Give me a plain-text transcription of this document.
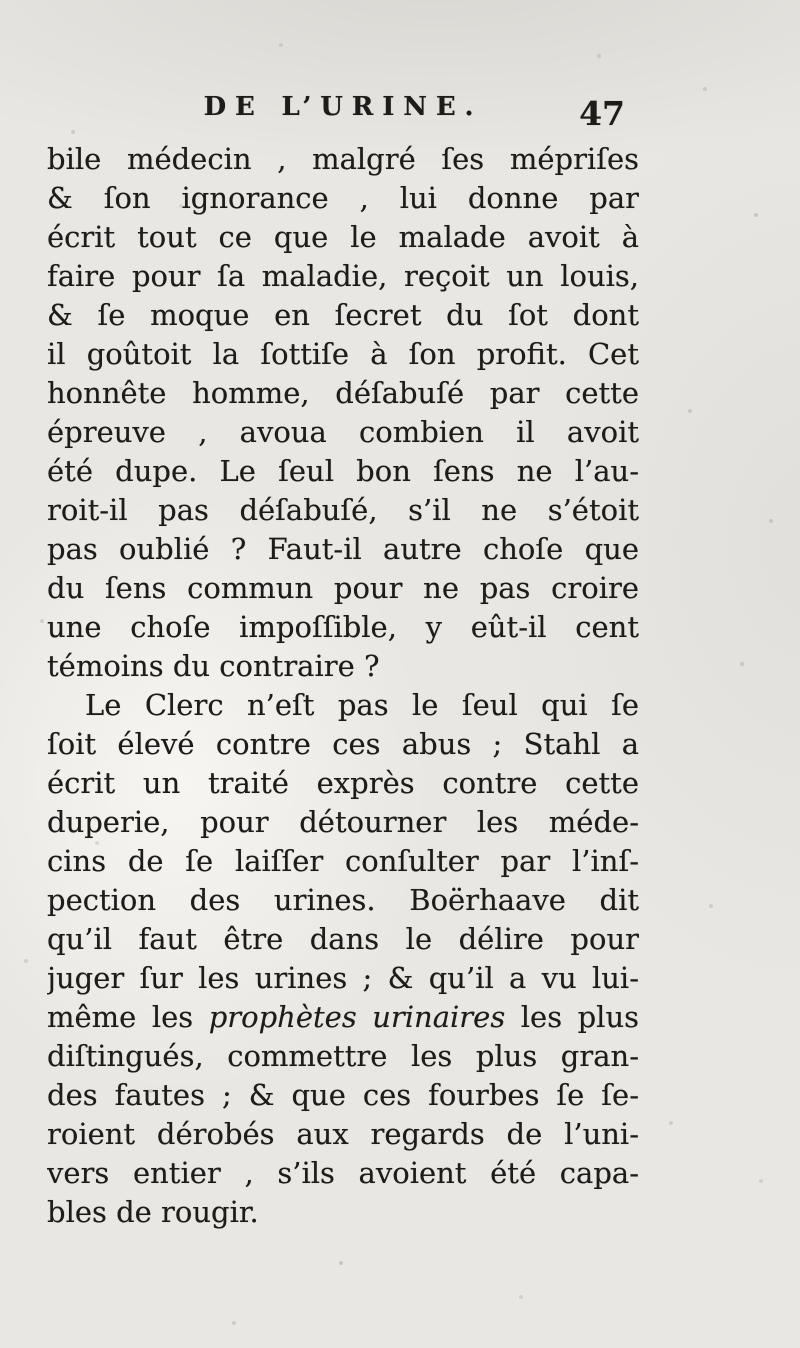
DE L’URINE.	47
bile médecin , malgré ſes mépriſes
& ſon ignorance , lui donne par
écrit tout ce que le malade avoit à
faire pour ſa maladie, reçoit un louis,
& ſe moque en ſecret du ſot dont
il goûtoit la ſottiſe à ſon profit. Cet
honnête homme, déſabuſé par cette
épreuve , avoua combien il avoit
été dupe. Le ſeul bon ſens ne l’au-
roit-il pas déſabuſé, s’il ne s’étoit
pas oublié ? Faut-il autre choſe que
du ſens commun pour ne pas croire
une choſe impoſſible, y eût-il cent
témoins du contraire ?
Le Clerc n’eſt pas le ſeul qui ſe
ſoit élevé contre ces abus ; Stahl a
écrit un traité exprès contre cette
duperie, pour détourner les méde-
cins de ſe laiſſer conſulter par l’inſ-
pection des urines. Boërhaave dit
qu’il faut être dans le délire pour
juger ſur les urines ; & qu’il a vu lui-
même les prophètes urinaires les plus
diſtingués, commettre les plus gran-
des fautes ; & que ces fourbes ſe ſe-
roient dérobés aux regards de l’uni-
vers entier , s’ils avoient été capa-
bles de rougir.
